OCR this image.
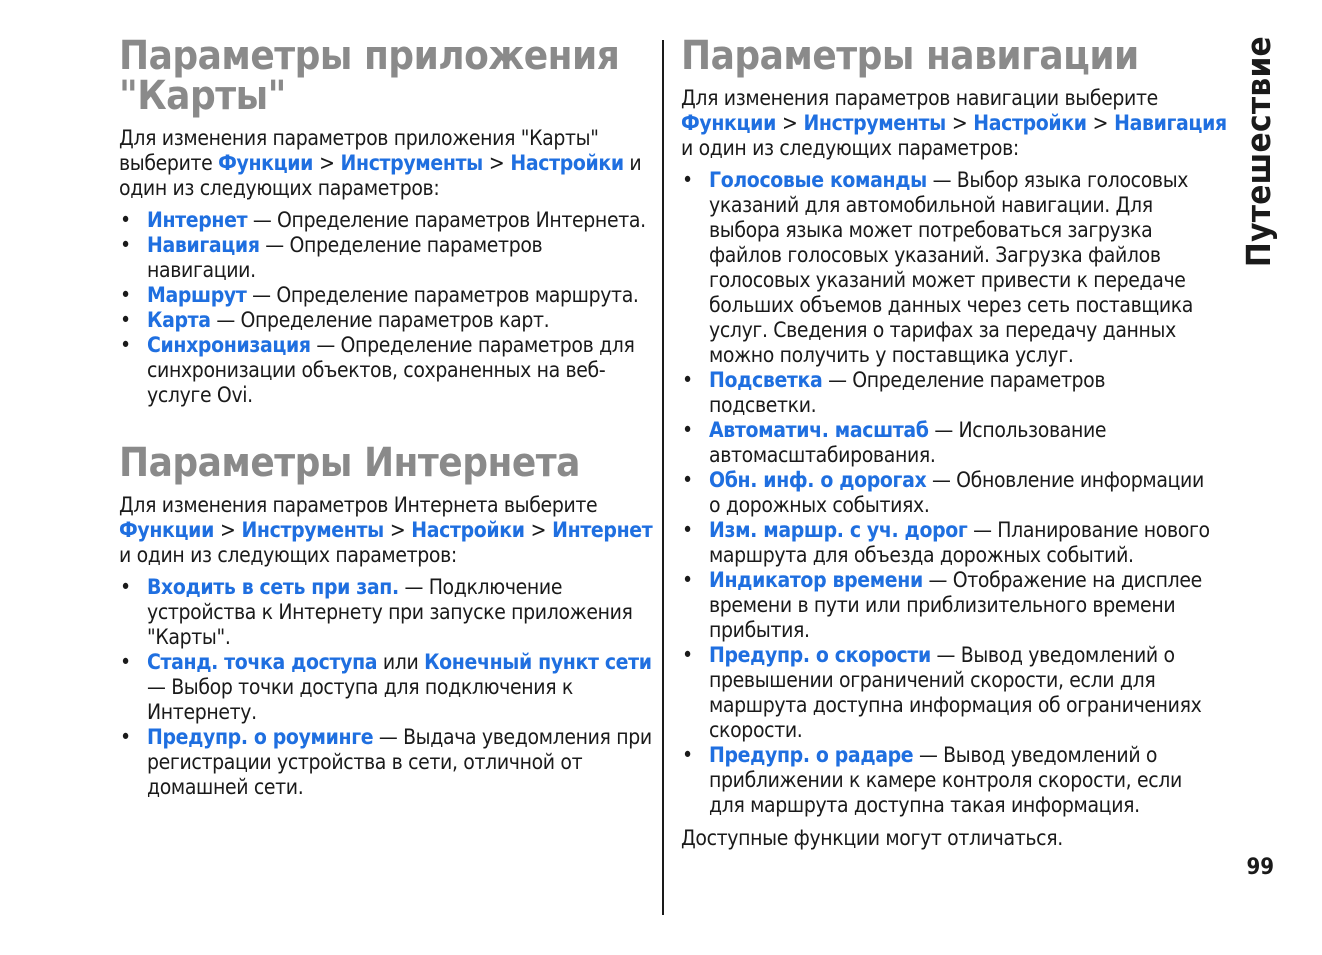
Параметры приложения "Карты"

Для изменения параметров приложения "Карты" выберите Функции > Инструменты > Настройки и один из следующих параметров:

• Интернет — Определение параметров Интернета.
• Навигация — Определение параметров навигации.
• Маршрут — Определение параметров маршрута.
• Карта — Определение параметров карт.
• Синхронизация — Определение параметров для синхронизации объектов, сохраненных на веб-услуге Ovi.
Параметры Интернета

Для изменения параметров Интернета выберите Функции > Инструменты > Настройки > Интернет и один из следующих параметров:

• Входить в сеть при зап. — Подключение устройства к Интернету при запуске приложения "Карты".
• Станд. точка доступа или Конечный пункт сети — Выбор точки доступа для подключения к Интернету.
• Предупр. о роуминге — Выдача уведомления при регистрации устройства в сети, отличной от домашней сети.
Параметры навигации

Для изменения параметров навигации выберите Функции > Инструменты > Настройки > Навигация и один из следующих параметров:

• Голосовые команды — Выбор языка голосовых указаний для автомобильной навигации. Для выбора языка может потребоваться загрузка файлов голосовых указаний. Загрузка файлов голосовых указаний может привести к передаче больших объемов данных через сеть поставщика услуг. Сведения о тарифах за передачу данных можно получить у поставщика услуг.
• Подсветка — Определение параметров подсветки.
• Автоматич. масштаб — Использование автомасштабирования.
• Обн. инф. о дорогах — Обновление информации о дорожных событиях.
• Изм. маршр. с уч. дорог — Планирование нового маршрута для объезда дорожных событий.
• Индикатор времени — Отображение на дисплее времени в пути или приблизительного времени прибытия.
• Предупр. о скорости — Вывод уведомлений о превышении ограничений скорости, если для маршрута доступна информация об ограничениях скорости.
• Предупр. о радаре — Вывод уведомлений о приближении к камере контроля скорости, если для маршрута доступна такая информация.

Доступные функции могут отличаться.

Путешествие
99
